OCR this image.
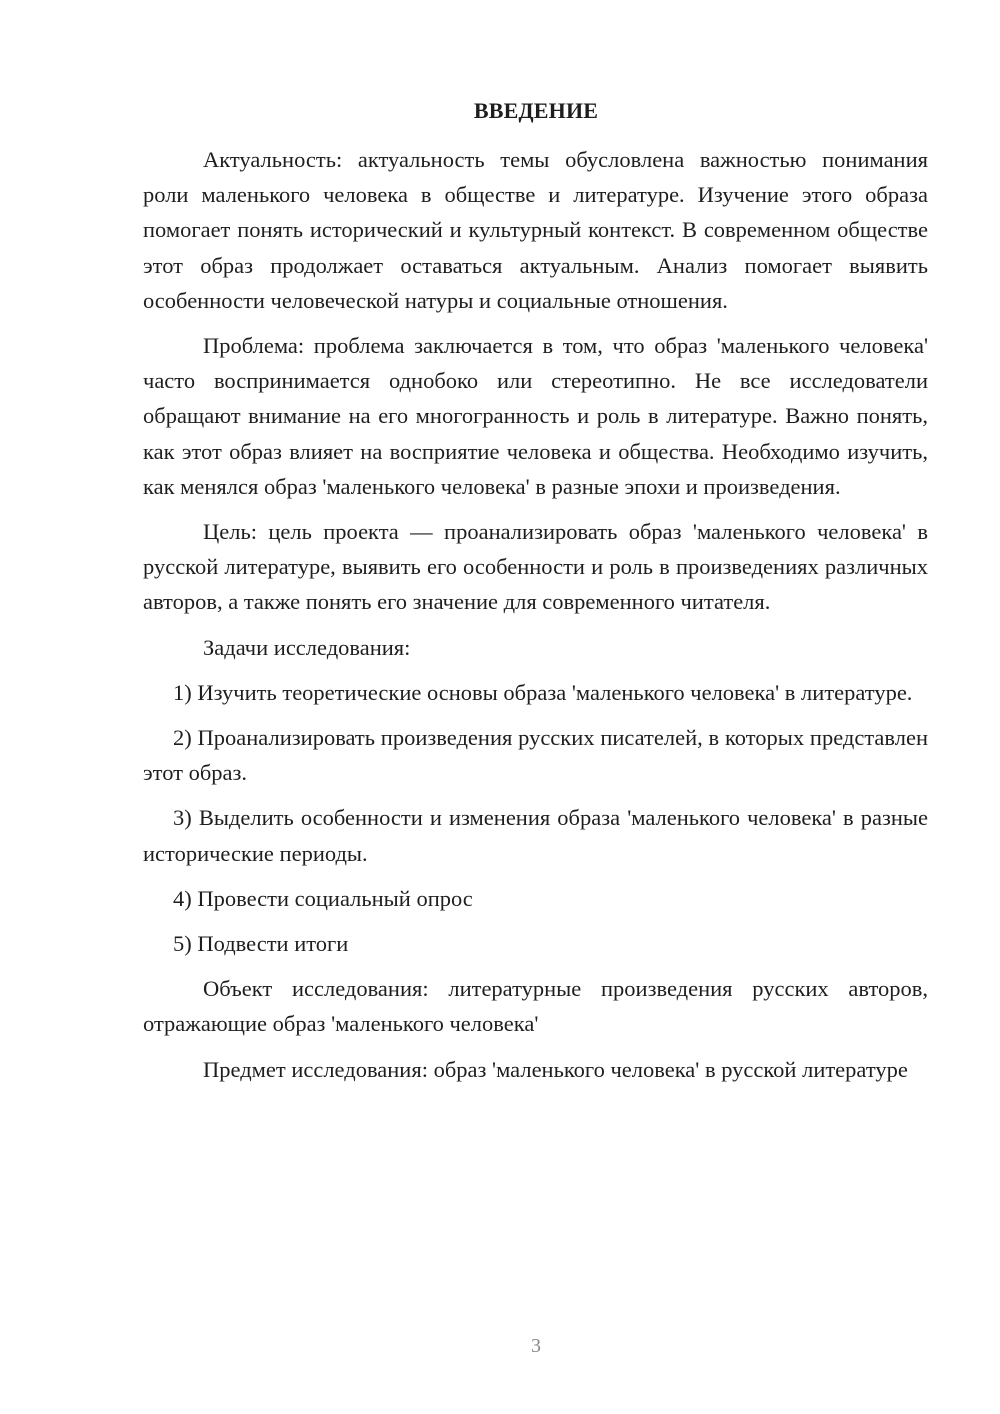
ВВЕДЕНИЕ

Актуальность: актуальность темы обусловлена важностью понимания роли маленького человека в обществе и литературе. Изучение этого образа помогает понять исторический и культурный контекст. В современном обществе этот образ продолжает оставаться актуальным. Анализ помогает выявить особенности человеческой натуры и социальные отношения.

Проблема: проблема заключается в том, что образ 'маленького человека' часто воспринимается однобоко или стереотипно. Не все исследователи обращают внимание на его многогранность и роль в литературе. Важно понять, как этот образ влияет на восприятие человека и общества. Необходимо изучить, как менялся образ 'маленького человека' в разные эпохи и произведения.

Цель: цель проекта — проанализировать образ 'маленького человека' в русской литературе, выявить его особенности и роль в произведениях различных авторов, а также понять его значение для современного читателя.

Задачи исследования:

1) Изучить теоретические основы образа 'маленького человека' в литературе.

2) Проанализировать произведения русских писателей, в которых представлен этот образ.

3) Выделить особенности и изменения образа 'маленького человека' в разные исторические периоды.

4) Провести социальный опрос

5) Подвести итоги

Объект исследования: литературные произведения русских авторов, отражающие образ 'маленького человека'

Предмет исследования: образ 'маленького человека' в русской литературе

3
